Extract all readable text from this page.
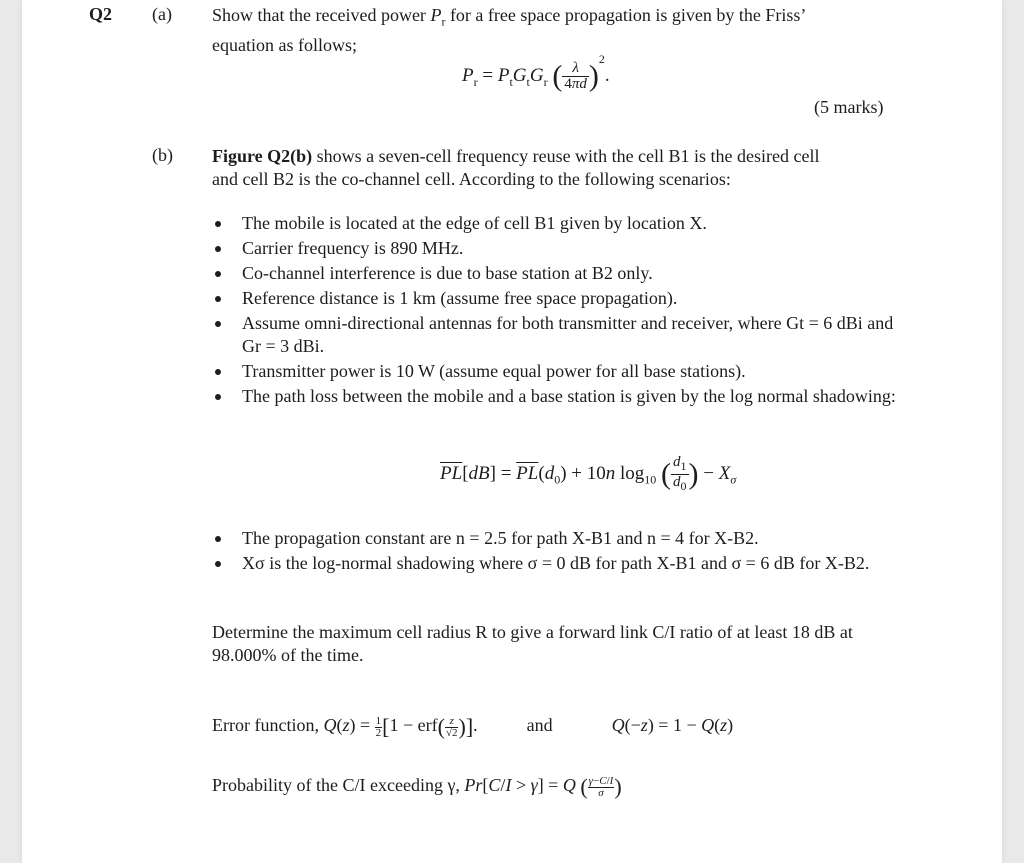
Q2 (a) Show that the received power $P_r$ for a free space propagation is given by the Friss’
equation as follows;
$P_r = P_tG_tG_r$ ( $\frac{\lambda}{4\pi d} )^2$.
(5 marks)
(b) Figure Q2(b) shows a seven-cell frequency reuse with the cell B1 is the desired cell
and cell B2 is the co-channel cell. According to the following scenarios:
The mobile is located at the edge of cell B1 given by location X.
Carrier frequency is 890 MHz.
Co-channel interference is due to base station at B2 only.
Reference distance is 1 km (assume free space propagation).
Assume omni-directional antennas for both transmitter and receiver, where Gt = 6 dBi and Gr = 3 dBi.
Transmitter power is 10 W (assume equal power for all base stations).
The path loss between the mobile and a base station is given by the log normal shadowing:
$\overline{PL}[dB] = \overline{PL}(d_0) + 10n$ $\log_{10}$ ( $\frac{d_1}{d_0}$ ) − $X_\sigma$
The propagation constant are n = 2.5 for path X-B1 and n = 4 for X-B2.
Xσ is the log-normal shadowing where σ = 0 dB for path X-B1 and σ = 6 dB for X-B2.
Determine the maximum cell radius R to give a forward link C/I ratio of at least 18 dB at 98.000% of the time.
Error function, $Q(z) = \frac{1}{2} [1 - erf( \frac{z}{√2}$ )].  and	Q(−z) = 1 − Q(z)
Probability of the C/I exceeding γ, Pr[C/I > γ] = Q ( $\frac{\gamma-C/I}{\sigma}$ )
